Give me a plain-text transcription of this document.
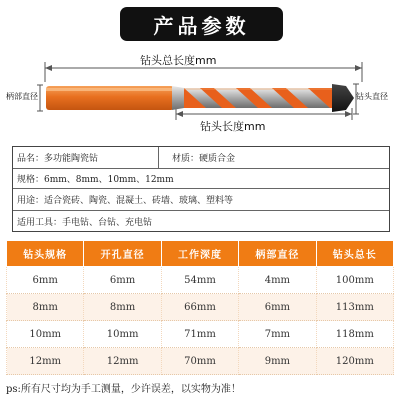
产品参数
钻头总长度mm
柄部直径	钻头直径
钻头长度mm
品名：多功能陶瓷钻	材质：硬质合金
规格：6mm、8mm、10mm、12mm
用途：适合瓷砖、陶瓷、混凝土、砖墙、玻璃、塑料等
适用工具：手电钻、台钻、充电钻
钻头规格	开孔直径	工作深度	柄部直径	钻头总长
6mm	6mm	54mm	4mm	100mm
8mm	8mm	66mm	6mm	113mm
10mm	10mm	71mm	7mm	118mm
12mm	12mm	70mm	9mm	120mm
ps:所有尺寸均为手工测量，少许误差，以实物为准！
